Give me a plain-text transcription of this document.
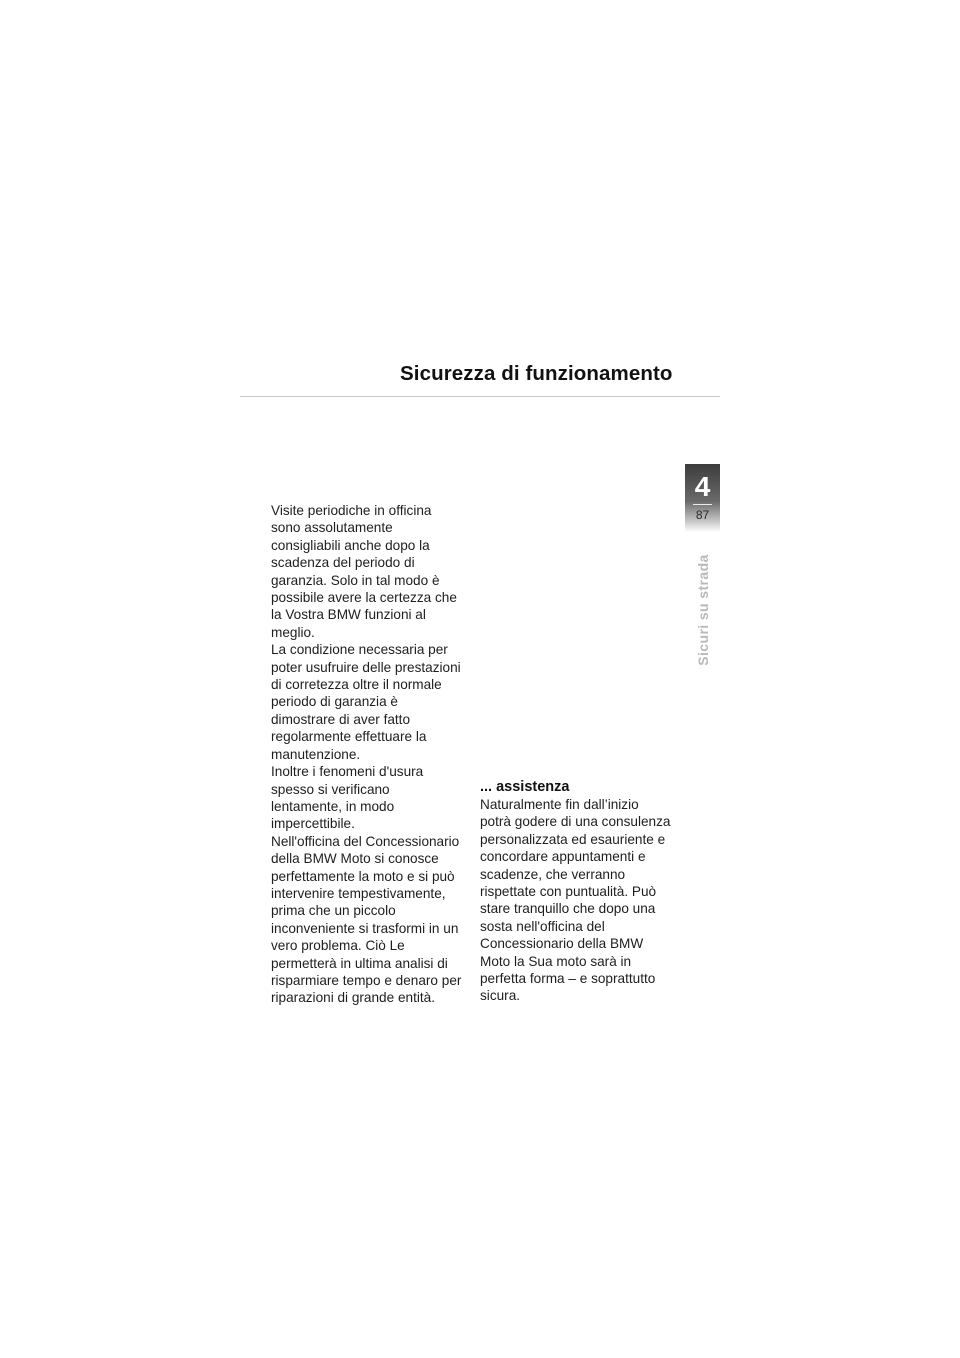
Sicurezza di funzionamento
4
87
Sicuri su strada

Visite periodiche in officina
sono assolutamente
consigliabili anche dopo la
scadenza del periodo di
garanzia. Solo in tal modo è
possibile avere la certezza che
la Vostra BMW funzioni al
meglio.

La condizione necessaria per
poter usufruire delle prestazioni
di corretezza oltre il normale
periodo di garanzia è
dimostrare di aver fatto
regolarmente effettuare la
manutenzione.

Inoltre i fenomeni d'usura
spesso si verificano
lentamente, in modo
impercettibile.

Nell'officina del Concessionario
della BMW Moto si conosce
perfettamente la moto e si può
intervenire tempestivamente,
prima che un piccolo
inconveniente si trasformi in un
vero problema. Ciò Le
permetterà in ultima analisi di
risparmiare tempo e denaro per
riparazioni di grande entità.

... assistenza

Naturalmente fin dall’inizio
potrà godere di una consulenza
personalizzata ed esauriente e
concordare appuntamenti e
scadenze, che verranno
rispettate con puntualità. Può
stare tranquillo che dopo una
sosta nell'officina del
Concessionario della BMW
Moto la Sua moto sarà in
perfetta forma – e soprattutto
sicura.
